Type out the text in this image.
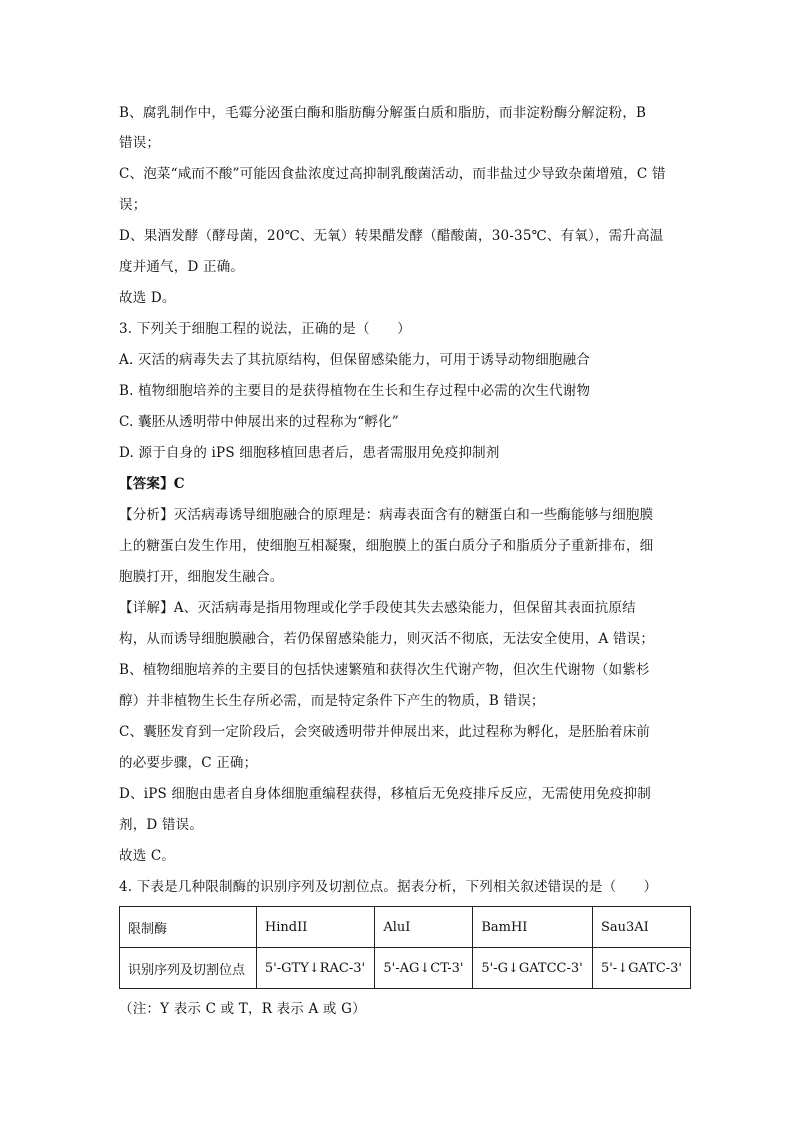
B、腐乳制作中，毛霉分泌蛋白酶和脂肪酶分解蛋白质和脂肪，而非淀粉酶分解淀粉，B
错误；
C、泡菜“咸而不酸”可能因食盐浓度过高抑制乳酸菌活动，而非盐过少导致杂菌增殖，C 错
误；
D、果酒发酵（酵母菌，20℃、无氧）转果醋发酵（醋酸菌，30-35℃、有氧），需升高温
度并通气，D 正确。
故选 D。
3. 下列关于细胞工程的说法，正确的是（　　）
A. 灭活的病毒失去了其抗原结构，但保留感染能力，可用于诱导动物细胞融合
B. 植物细胞培养的主要目的是获得植物在生长和生存过程中必需的次生代谢物
C. 囊胚从透明带中伸展出来的过程称为“孵化”
D. 源于自身的 iPS 细胞移植回患者后，患者需服用免疫抑制剂
【答案】C
【分析】灭活病毒诱导细胞融合的原理是：病毒表面含有的糖蛋白和一些酶能够与细胞膜
上的糖蛋白发生作用，使细胞互相凝聚，细胞膜上的蛋白质分子和脂质分子重新排布，细
胞膜打开，细胞发生融合。
【详解】A、灭活病毒是指用物理或化学手段使其失去感染能力，但保留其表面抗原结
构，从而诱导细胞膜融合，若仍保留感染能力，则灭活不彻底，无法安全使用，A 错误；
B、植物细胞培养的主要目的包括快速繁殖和获得次生代谢产物，但次生代谢物（如紫杉
醇）并非植物生长生存所必需，而是特定条件下产生的物质，B 错误；
C、囊胚发育到一定阶段后，会突破透明带并伸展出来，此过程称为孵化，是胚胎着床前
的必要步骤，C 正确；
D、iPS 细胞由患者自身体细胞重编程获得，移植后无免疫排斥反应，无需使用免疫抑制
剂，D 错误。
故选 C。
4. 下表是几种限制酶的识别序列及切割位点。据表分析，下列相关叙述错误的是（　　）
限制酶	HindII	AluI	BamHI	Sau3AI
识别序列及切割位点	5'-GTY↓RAC-3'	5'-AG↓CT-3'	5'-G↓GATCC-3'	5'-↓GATC-3'
（注：Y 表示 C 或 T，R 表示 A 或 G）
